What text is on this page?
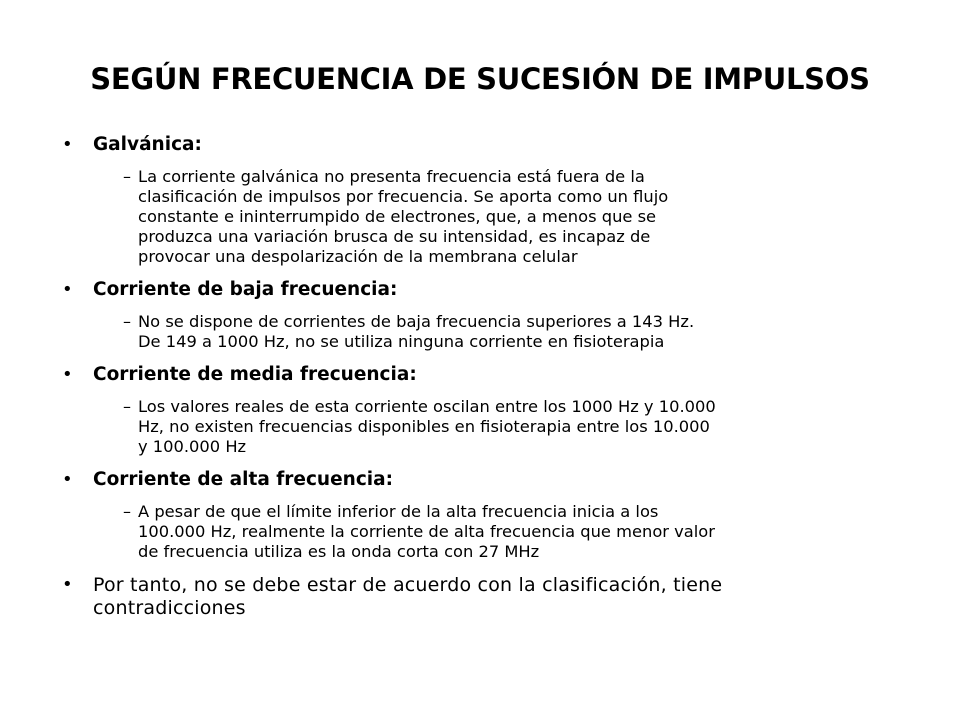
SEGÚN FRECUENCIA DE SUCESIÓN DE IMPULSOS
• Galvánica:
– La corriente galvánica no presenta frecuencia está fuera de la
clasificación de impulsos por frecuencia. Se aporta como un flujo
constante e ininterrumpido de electrones, que, a menos que se
produzca una variación brusca de su intensidad, es incapaz de
provocar una despolarización de la membrana celular
• Corriente de baja frecuencia:
– No se dispone de corrientes de baja frecuencia superiores a 143 Hz.
De 149 a 1000 Hz, no se utiliza ninguna corriente en fisioterapia
• Corriente de media frecuencia:
– Los valores reales de esta corriente oscilan entre los 1000 Hz y 10.000
Hz, no existen frecuencias disponibles en fisioterapia entre los 10.000
y 100.000 Hz
• Corriente de alta frecuencia:
– A pesar de que el límite inferior de la alta frecuencia inicia a los
100.000 Hz, realmente la corriente de alta frecuencia que menor valor
de frecuencia utiliza es la onda corta con 27 MHz
• Por tanto, no se debe estar de acuerdo con la clasificación, tiene
contradicciones
